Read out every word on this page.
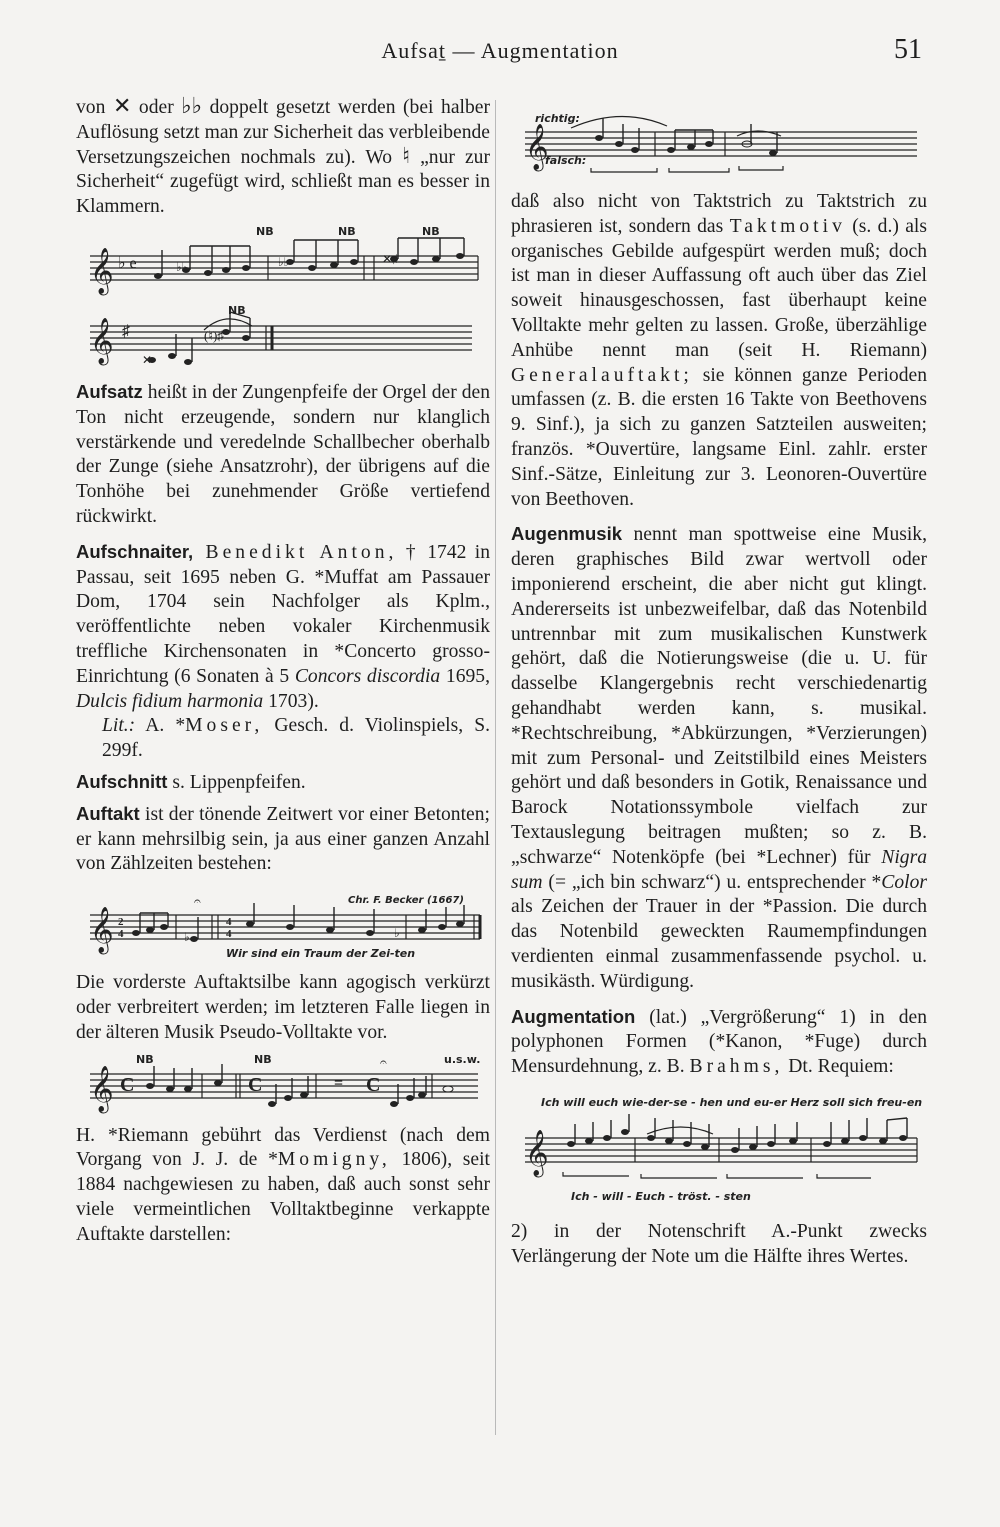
Aufsaṯ — Augmentation	51

von ✕ oder ♭♭ doppelt gesetzt werden (bei halber Auflösung setzt man zur Sicherheit das verbleibende Versetzungszeichen nochmals zu). Wo ♮ „nur zur Sicherheit“ zugefügt wird, schließt man es besser in Klammern.

𝄞 ♭ e	♭♭	♭♭	✕♯
NB	NB	NB
𝄞 ♯
✕
(♮)♯
NB

Aufsatz heißt in der Zungenpfeife der Orgel der den Ton nicht erzeugende, sondern nur klanglich verstärkende und veredelnde Schallbecher oberhalb der Zunge (siehe Ansatzrohr), der übrigens auf die Tonhöhe bei zunehmender Größe vertiefend rückwirkt.

Aufschnaiter, Benedikt Anton, † 1742 in Passau, seit 1695 neben G. *Muffat am Passauer Dom, 1704 sein Nachfolger als Kplm., veröffentlichte neben vokaler Kirchenmusik treffliche Kirchensonaten in *Concerto grosso-Einrichtung (6 Sonaten à 5 Concors discordia 1695, Dulcis fidium harmonia 1703).

Lit.: A. *Moser, Gesch. d. Violinspiels, S. 299f.

Aufschnitt s. Lippenpfeifen.

Auftakt ist der tönende Zeitwert vor einer Betonten; er kann mehrsilbig sein, ja aus einer ganzen Anzahl von Zählzeiten bestehen:

Chr. F. Becker (1667)
𝄞 2
4
4
4
♭	♭
𝄐
Wir sind ein Traum der Zei-ten

Die vorderste Auftaktsilbe kann agogisch verkürzt oder verbreitert werden; im letzteren Falle liegen in der älteren Musik Pseudo-Volltakte vor.

𝄞 C	C	C
=
NB	NB	𝄐	u.s.w.

H. *Riemann gebührt das Verdienst (nach dem Vorgang von J. J. de *Momigny, 1806), seit 1884 nachgewiesen zu haben, daß auch sonst sehr viele vermeintlichen Volltaktbeginne verkappte Auftakte darstellen:

richtig:
falsch:
𝄞

daß also nicht von Taktstrich zu Taktstrich zu phrasieren ist, sondern das Taktmotiv (s. d.) als organisches Gebilde aufgespürt werden muß; doch ist man in dieser Auffassung oft auch über das Ziel soweit hinausgeschossen, fast überhaupt keine Volltakte mehr gelten zu lassen. Große, überzählige Anhübe nennt man (seit H. Riemann) Generalauftakt; sie können ganze Perioden umfassen (z. B. die ersten 16 Takte von Beethovens 9. Sinf.), ja sich zu ganzen Satzteilen ausweiten; französ. *Ouvertüre, langsame Einl. zahlr. erster Sinf.-Sätze, Einleitung zur 3. Leonoren-Ouvertüre von Beethoven.

Augenmusik nennt man spottweise eine Musik, deren graphisches Bild zwar wertvoll oder imponierend erscheint, die aber nicht gut klingt. Andererseits ist unbezweifelbar, daß das Notenbild untrennbar mit zum musikalischen Kunstwerk gehört, daß die Notierungsweise (die u. U. für dasselbe Klangergebnis recht verschiedenartig gehandhabt werden kann, s. musikal. *Rechtschreibung, *Abkürzungen, *Verzierungen) mit zum Personal- und Zeitstilbild eines Meisters gehört und daß besonders in Gotik, Renaissance und Barock Notationssymbole vielfach zur Textauslegung beitragen mußten; so z. B. „schwarze“ Notenköpfe (bei *Lechner) für Nigra sum (= „ich bin schwarz“) u. entsprechender *Color als Zeichen der Trauer in der *Passion. Die durch das Notenbild geweckten Raumempfindungen verdienten einmal zusammenfassende psychol. u. musikästh. Würdigung.

Augmentation (lat.) „Vergrößerung“ 1) in den polyphonen Formen (*Kanon, *Fuge) durch Mensurdehnung, z. B. Brahms, Dt. Requiem:

Ich will euch wie-der-se - hen und eu-er Herz soll sich freu-en
𝄞
Ich - will - Euch - tröst. - sten

2) in der Notenschrift A.-Punkt zwecks Verlängerung der Note um die Hälfte ihres Wertes.
